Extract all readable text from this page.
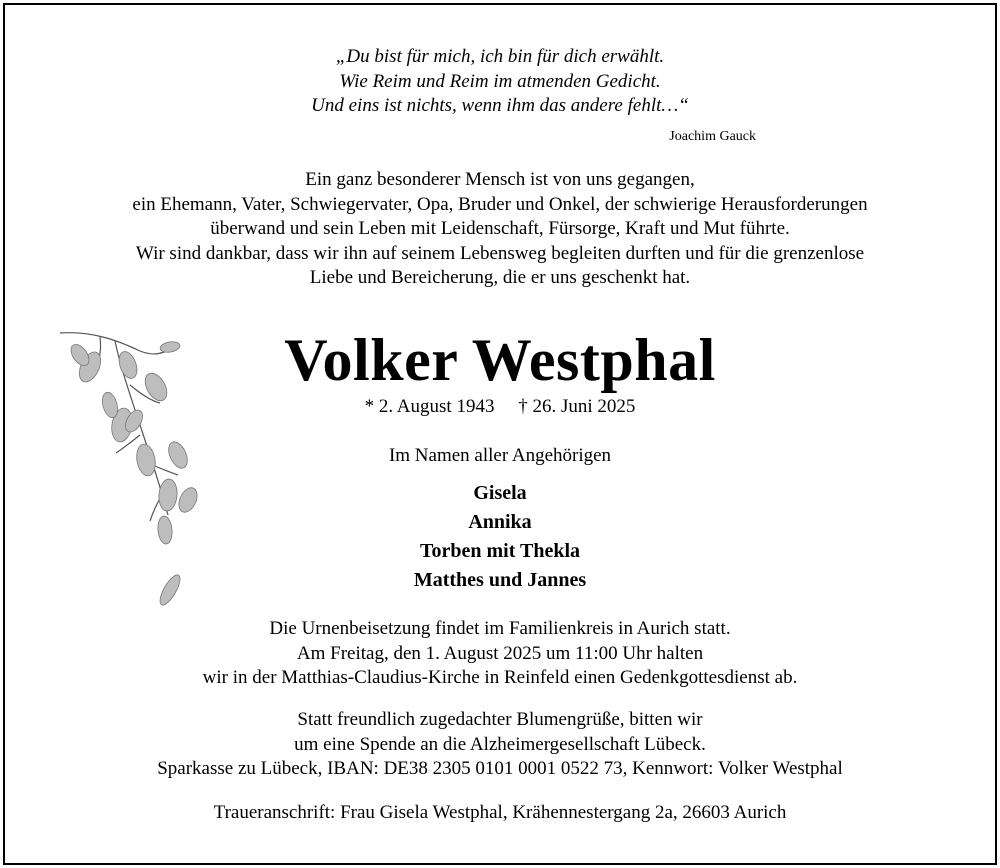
„Du bist für mich, ich bin für dich erwählt.

Wie Reim und Reim im atmenden Gedicht.

Und eins ist nichts, wenn ihm das andere fehlt…“

Joachim Gauck

Ein ganz besonderer Mensch ist von uns gegangen,

ein Ehemann, Vater, Schwiegervater, Opa, Bruder und Onkel, der schwierige Herausforderungen

überwand und sein Leben mit Leidenschaft, Fürsorge, Kraft und Mut führte.

Wir sind dankbar, dass wir ihn auf seinem Lebensweg begleiten durften und für die grenzenlose

Liebe und Bereicherung, die er uns geschenkt hat.

Volker Westphal
* 2. August 1943     † 26. Juni 2025
Im Namen aller Angehörigen

Gisela

Annika

Torben mit Thekla

Matthes und Jannes

Die Urnenbeisetzung findet im Familienkreis in Aurich statt.

Am Freitag, den 1. August 2025 um 11:00 Uhr halten

wir in der Matthias-Claudius-Kirche in Reinfeld einen Gedenkgottesdienst ab.

Statt freundlich zugedachter Blumengrüße, bitten wir

um eine Spende an die Alzheimergesellschaft Lübeck.

Sparkasse zu Lübeck, IBAN: DE38 2305 0101 0001 0522 73, Kennwort: Volker Westphal

Traueranschrift: Frau Gisela Westphal, Krähennestergang 2a, 26603 Aurich
